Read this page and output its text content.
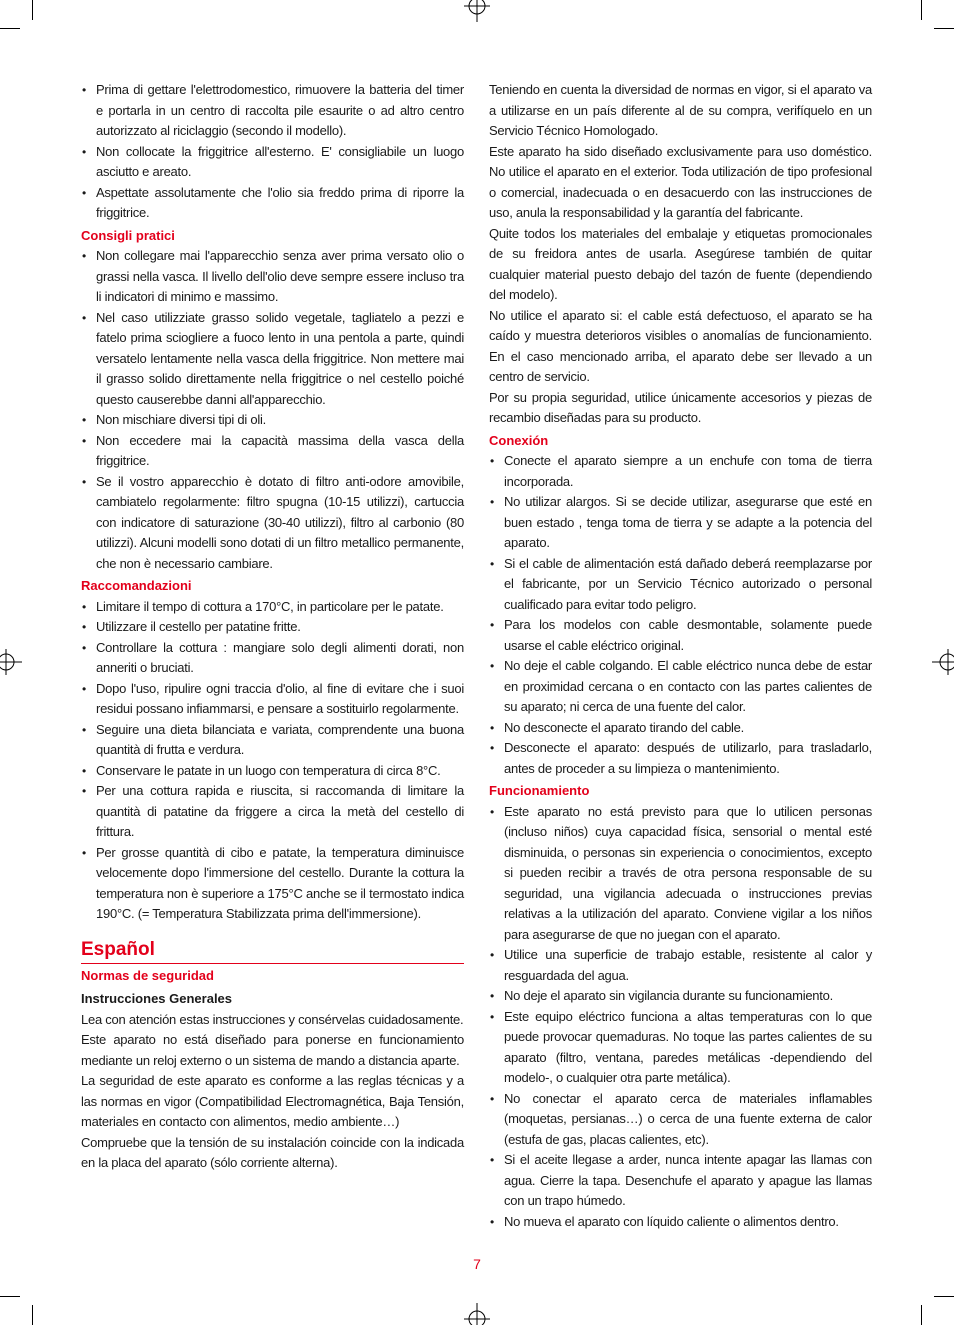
• Prima di gettare l'elettrodomestico, rimuovere la batteria del timer e portarla in un centro di raccolta pile esaurite o ad altro centro autorizzato al riciclaggio (secondo il modello).
• Non collocate la friggitrice all'esterno. E' consigliabile un luogo asciutto e areato.
• Aspettate assolutamente che l'olio sia freddo prima di riporre la friggitrice.
Consigli pratici
• Non collegare mai l'apparecchio senza aver prima versato olio o grassi nella vasca. Il livello dell'olio deve sempre essere incluso tra li indicatori di minimo e massimo.
• Nel caso utilizziate grasso solido vegetale, tagliatelo a pezzi e fatelo prima sciogliere a fuoco lento in una pentola a parte, quindi versatelo lentamente nella vasca della friggitrice. Non mettere mai il grasso solido direttamente nella friggitrice o nel cestello poiché questo causerebbe danni all'apparecchio.
• Non mischiare diversi tipi di oli.
• Non eccedere mai la capacità massima della vasca della friggitrice.
• Se il vostro apparecchio è dotato di filtro anti-odore amovibile, cambiatelo regolarmente: filtro spugna (10-15 utilizzi), cartuccia con indicatore di saturazione (30-40 utilizzi), filtro al carbonio (80 utilizzi). Alcuni modelli sono dotati di un filtro metallico permanente, che non è necessario cambiare.
Raccomandazioni
• Limitare il tempo di cottura a 170°C, in particolare per le patate.
• Utilizzare il cestello per patatine fritte.
• Controllare la cottura : mangiare solo degli alimenti dorati, non anneriti o bruciati.
• Dopo l'uso, ripulire ogni traccia d'olio, al fine di evitare che i suoi residui possano infiammarsi, e pensare a sostituirlo regolarmente.
• Seguire una dieta bilanciata e variata, comprendente una buona quantità di frutta e verdura.
• Conservare le patate in un luogo con temperatura di circa 8°C.
• Per una cottura rapida e riuscita, si raccomanda di limitare la quantità di patatine da friggere a circa la metà del cestello di frittura.
• Per grosse quantità di cibo e patate, la temperatura diminuisce velocemente dopo l'immersione del cestello. Durante la cottura la temperatura non è superiore a 175°C anche se il termostato indica 190°C. (= Temperatura Stabilizzata prima dell'immersione).
Español
Normas de seguridad
Instrucciones Generales

Lea con atención estas instrucciones y consérvelas cuidadosamente.

Este aparato no está diseñado para ponerse en funcionamiento mediante un reloj externo o un sistema de mando a distancia aparte.

La seguridad de este aparato es conforme a las reglas técnicas y a las normas en vigor (Compatibilidad Electromagnética, Baja Tensión, materiales en contacto con alimentos, medio ambiente…)

Compruebe que la tensión de su instalación coincide con la indicada en la placa del aparato (sólo corriente alterna).

Teniendo en cuenta la diversidad de normas en vigor, si el aparato va a utilizarse en un país diferente al de su compra, verifíquelo en un Servicio Técnico Homologado.

Este aparato ha sido diseñado exclusivamente para uso doméstico. No utilice el aparato en el exterior. Toda utilización de tipo profesional o comercial, inadecuada o en desacuerdo con las instrucciones de uso, anula la responsabilidad y la garantía del fabricante.

Quite todos los materiales del embalaje y etiquetas promocionales de su freidora antes de usarla. Asegúrese también de quitar cualquier material puesto debajo del tazón de fuente (dependiendo del modelo).

No utilice el aparato si: el cable está defectuoso, el aparato se ha caído y muestra deterioros visibles o anomalías de funcionamiento. En el caso mencionado arriba, el aparato debe ser llevado a un centro de servicio.

Por su propia seguridad, utilice únicamente accesorios y piezas de recambio diseñadas para su producto.

Conexión
• Conecte el aparato siempre a un enchufe con toma de tierra incorporada.
• No utilizar alargos. Si se decide utilizar, asegurarse que esté en buen estado , tenga toma de tierra y se adapte a la potencia del aparato.
• Si el cable de alimentación está dañado deberá reemplazarse por el fabricante, por un Servicio Técnico autorizado o personal cualificado para evitar todo peligro.
• Para los modelos con cable desmontable, solamente puede usarse el cable eléctrico original.
• No deje el cable colgando. El cable eléctrico nunca debe de estar en proximidad cercana o en contacto con las partes calientes de su aparato; ni cerca de una fuente del calor.
• No desconecte el aparato tirando del cable.
• Desconecte el aparato: después de utilizarlo, para trasladarlo, antes de proceder a su limpieza o mantenimiento.
Funcionamiento
• Este aparato no está previsto para que lo utilicen personas (incluso niños) cuya capacidad física, sensorial o mental esté disminuida, o personas sin experiencia o conocimientos, excepto si pueden recibir a través de otra persona responsable de su seguridad, una vigilancia adecuada o instrucciones previas relativas a la utilización del aparato. Conviene vigilar a los niños para asegurarse de que no juegan con el aparato.
• Utilice una superficie de trabajo estable, resistente al calor y resguardada del agua.
• No deje el aparato sin vigilancia durante su funcionamiento.
• Este equipo eléctrico funciona a altas temperaturas con lo que puede provocar quemaduras. No toque las partes calientes de su aparato (filtro, ventana, paredes metálicas -dependiendo del modelo-, o cualquier otra parte metálica).
• No conectar el aparato cerca de materiales inflamables (moquetas, persianas…) o cerca de una fuente externa de calor (estufa de gas, placas calientes, etc).
• Si el aceite llegase a arder, nunca intente apagar las llamas con agua. Cierre la tapa. Desenchufe el aparato y apague las llamas con un trapo húmedo.
• No mueva el aparato con líquido caliente o alimentos dentro.
7
